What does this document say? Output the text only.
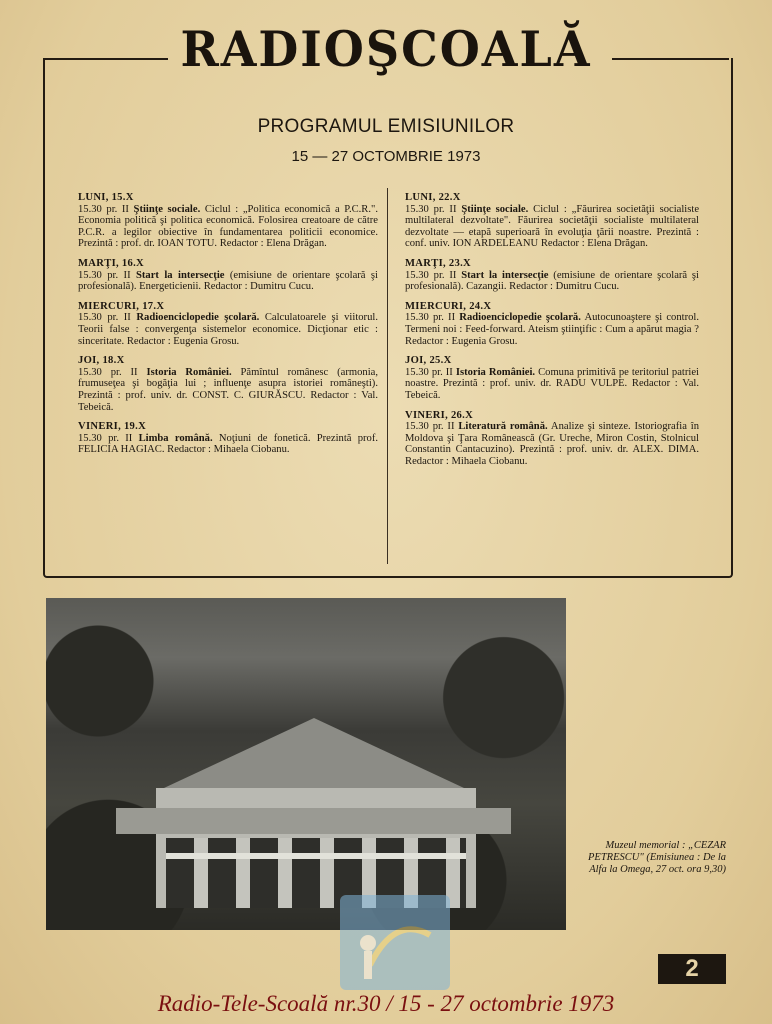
RADIOŞCOALĂ
PROGRAMUL EMISIUNILOR
15 — 27 OCTOMBRIE 1973
LUNI, 15.X
15.30 pr. II Ştiinţe sociale. Ciclul : „Politica economică a P.C.R.". Economia politică şi politica economică. Folosirea creatoare de către P.C.R. a legilor obiective în fundamentarea politicii economice. Prezintă : prof. dr. IOAN TOTU. Redactor : Elena Drăgan.
MARŢI, 16.X
15.30 pr. II Start la intersecţie (emisiune de orientare şcolară şi profesională). Energeticienii. Redactor : Dumitru Cucu.
MIERCURI, 17.X
15.30 pr. II Radioenciclopedie şcolară. Calculatoarele şi viitorul. Teorii false : convergenţa sistemelor economice. Dicţionar etic : sinceritate. Redactor : Eugenia Grosu.
JOI, 18.X
15.30 pr. II Istoria României. Pămîntul românesc (armonia, frumuseţea şi bogăţia lui ; influenţe asupra istoriei româneşti). Prezintă : prof. univ. dr. CONST. C. GIURĂSCU. Redactor : Val. Tebeică.
VINERI, 19.X
15.30 pr. II Limba română. Noţiuni de fonetică. Prezintă prof. FELICIA HAGIAC. Redactor : Mihaela Ciobanu.
LUNI, 22.X
15.30 pr. II Ştiinţe sociale. Ciclul : „Făurirea societăţii socialiste multilateral dezvoltate". Făurirea societăţii socialiste multilateral dezvoltate — etapă superioară în evoluţia ţării noastre. Prezintă : conf. univ. ION ARDELEANU Redactor : Elena Drăgan.
MARŢI, 23.X
15.30 pr. II Start la intersecţie (emisiune de orientare şcolară şi profesională). Cazangii. Redactor : Dumitru Cucu.
MIERCURI, 24.X
15.30 pr. II Radioenciclopedie şcolară. Autocunoaştere şi control. Termeni noi : Feed-forward. Ateism ştiinţific : Cum a apărut magia ? Redactor : Eugenia Grosu.
JOI, 25.X
15.30 pr. II Istoria României. Comuna primitivă pe teritoriul patriei noastre. Prezintă : prof. univ. dr. RADU VULPE. Redactor : Val. Tebeică.
VINERI, 26.X
15.30 pr. II Literatură română. Analize şi sinteze. Istoriografia în Moldova şi Ţara Românească (Gr. Ureche, Miron Costin, Stolnicul Constantin Cantacuzino). Prezintă : prof. univ. dr. ALEX. DIMA. Redactor : Mihaela Ciobanu.
Muzeul memorial : „CEZAR PETRESCU" (Emisiunea : De la Alfa la Omega, 27 oct. ora 9,30)
2
Radio-Tele-Scoală nr.30 / 15 - 27 octombrie 1973
